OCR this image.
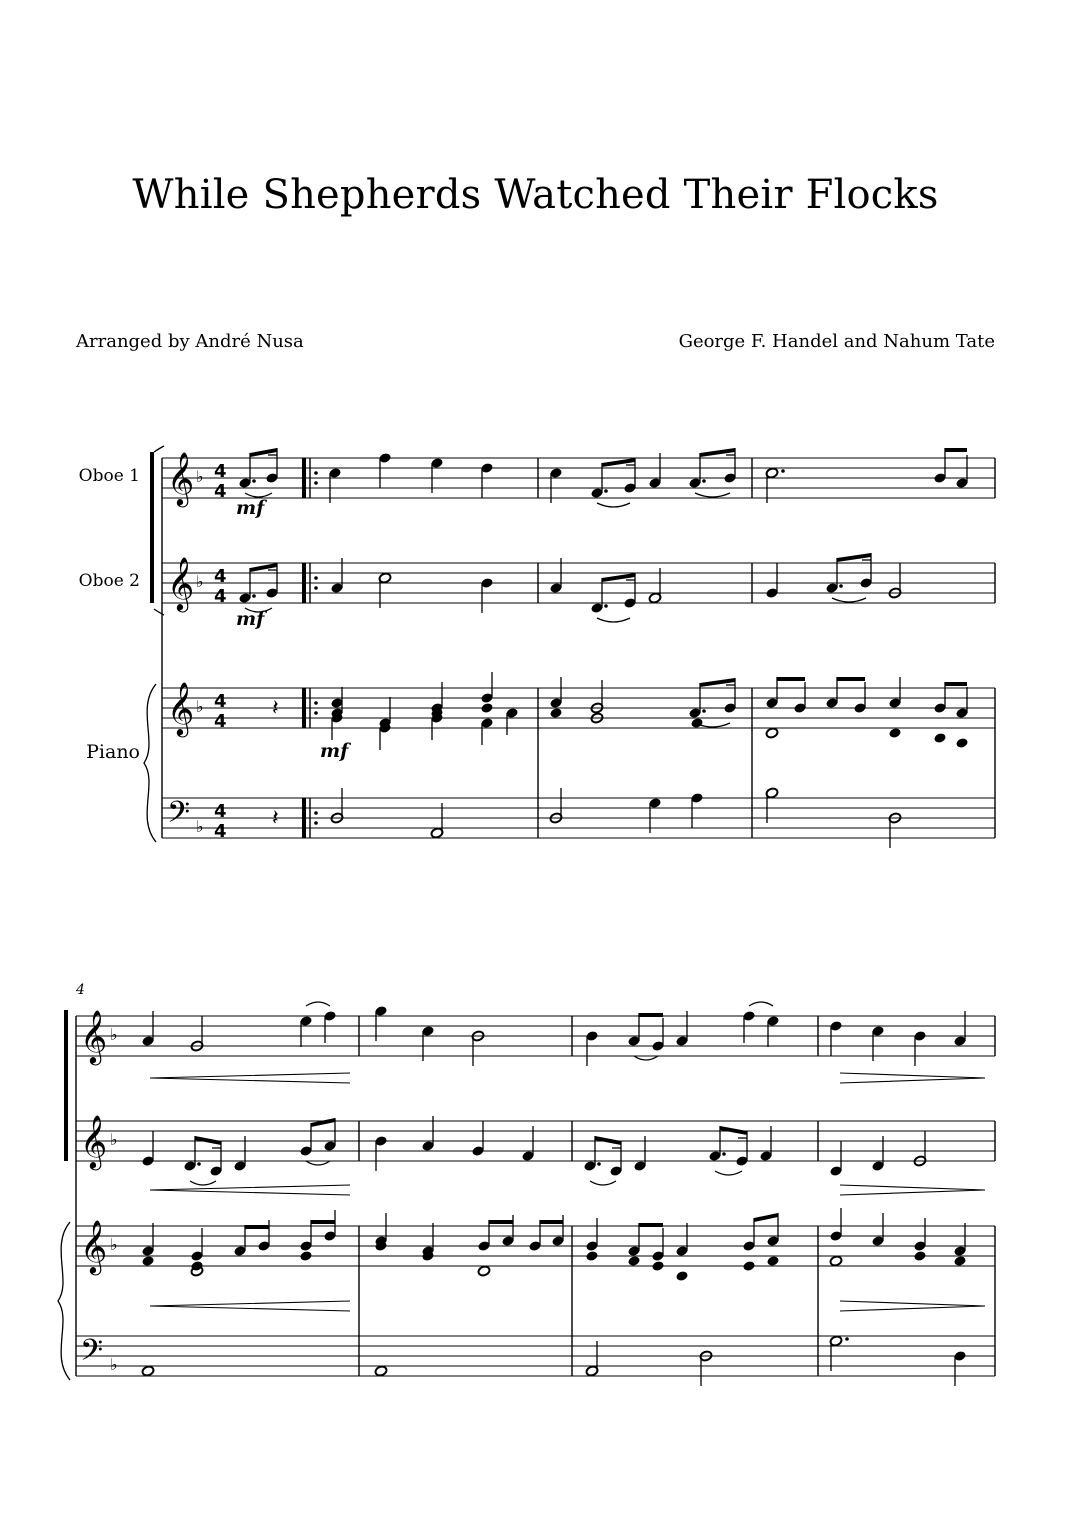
While Shepherds Watched Their Flocks
Arranged by André Nusa	George F. Handel and Nahum Tate
Oboe 1
Oboe 2
Piano
mf
mf
mf
4
𝄞
𝄞
𝄞
𝄢
♭
♭
♭
♭
4
4
4
4
4
4
4
4
𝄽
𝄽
𝄞
𝄞
𝄞
𝄢
♭
♭
♭
♭
